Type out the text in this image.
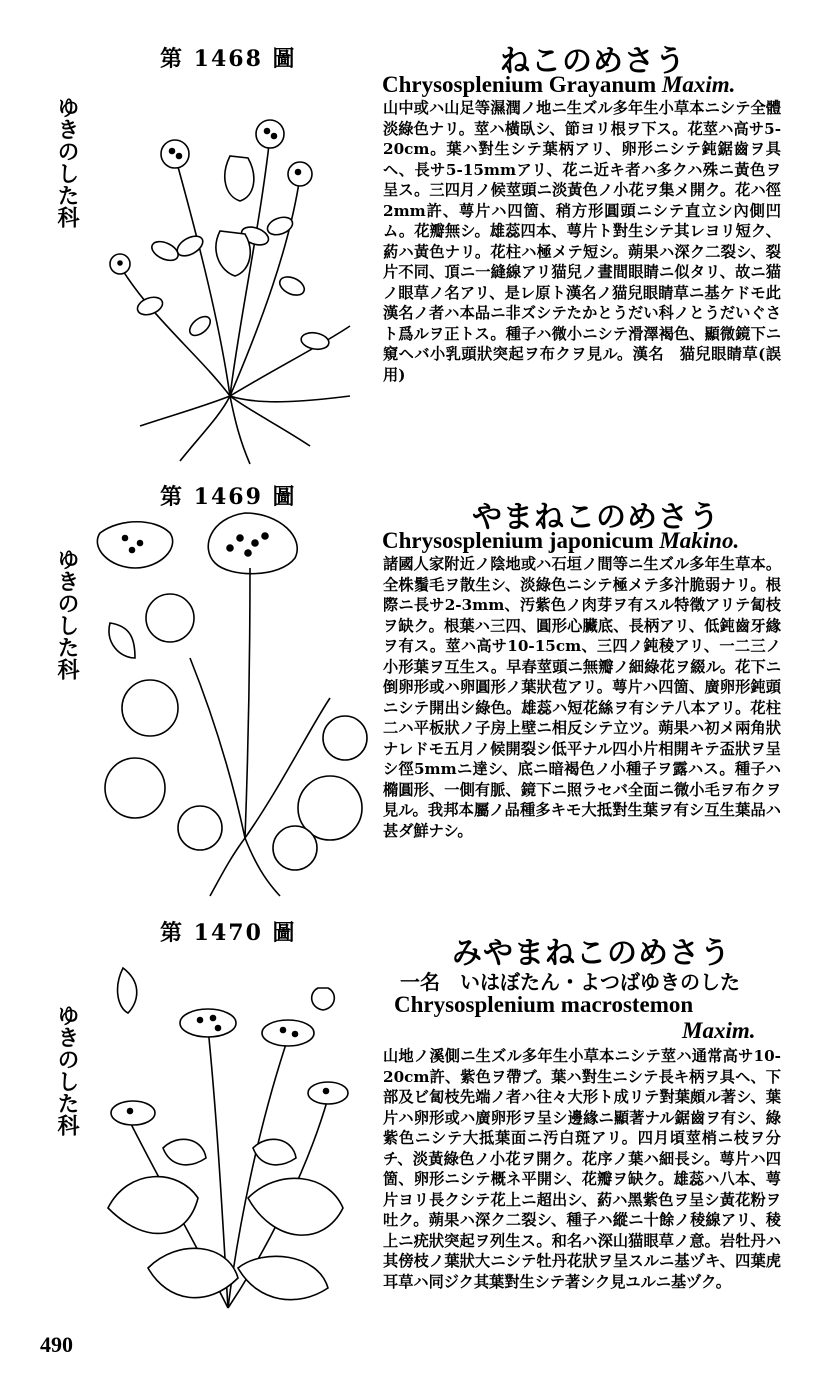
第 1468 圖
ゆきのした科
ねこのめさう
Chrysosplenium Grayanum Maxim.
山中或ハ山足等濕潤ノ地ニ生ズル多年生小草本ニシテ全體淡綠色ナリ。莖ハ橫臥シ、節ヨリ根ヲ下ス。花莖ハ高サ5-20cm。葉ハ對生シテ葉柄アリ、卵形ニシテ鈍鋸齒ヲ具ヘ、長サ5-15mmアリ、花ニ近キ者ハ多クハ殊ニ黃色ヲ呈ス。三四月ノ候莖頭ニ淡黃色ノ小花ヲ集メ開ク。花ハ徑2mm許、萼片ハ四箇、稍方形圓頭ニシテ直立シ內側凹ム。花瓣無シ。雄蕊四本、萼片ト對生シテ其レヨリ短ク、葯ハ黃色ナリ。花柱ハ極メテ短シ。蒴果ハ深ク二裂シ、裂片不同、頂ニ一縫線アリ猫兒ノ晝間眼睛ニ似タリ、故ニ猫ノ眼草ノ名アリ、是レ原ト漢名ノ猫兒眼睛草ニ基ケドモ此漢名ノ者ハ本品ニ非ズシテたかとうだい科ノとうだいぐさト爲ルヲ正トス。種子ハ微小ニシテ滑澤褐色、顯微鏡下ニ窺ヘバ小乳頭狀突起ヲ布クヲ見ル。漢名　猫兒眼睛草(誤用)
第 1469 圖
ゆきのした科
やまねこのめさう
Chrysosplenium japonicum Makino.
諸國人家附近ノ陰地或ハ石垣ノ間等ニ生ズル多年生草本。全株鬚毛ヲ散生シ、淡綠色ニシテ極メテ多汁脆弱ナリ。根際ニ長サ2-3mm、汚紫色ノ肉芽ヲ有スル特徵アリテ匐枝ヲ缺ク。根葉ハ三四、圓形心臟底、長柄アリ、低鈍齒牙緣ヲ有ス。莖ハ高サ10-15cm、三四ノ鈍稜アリ、一二三ノ小形葉ヲ互生ス。早春莖頭ニ無瓣ノ細綠花ヲ綴ル。花下ニ倒卵形或ハ卵圓形ノ葉狀苞アリ。萼片ハ四箇、廣卵形鈍頭ニシテ開出シ綠色。雄蕊ハ短花絲ヲ有シテ八本アリ。花柱二ハ平板狀ノ子房上壁ニ相反シテ立ツ。蒴果ハ初メ兩角狀ナレドモ五月ノ候開裂シ低平ナル四小片相開キテ盃狀ヲ呈シ徑5mmニ達シ、底ニ暗褐色ノ小種子ヲ露ハス。種子ハ橢圓形、一側有脈、鏡下ニ照ラセバ全面ニ微小毛ヲ布クヲ見ル。我邦本屬ノ品種多キモ大抵對生葉ヲ有シ互生葉品ハ甚ダ鮮ナシ。
第 1470 圖
ゆきのした科
みやまねこのめさう
一名　いはぼたん・よつばゆきのした
Chrysosplenium macrostemon
Maxim.
山地ノ溪側ニ生ズル多年生小草本ニシテ莖ハ通常高サ10-20cm許、紫色ヲ帶ブ。葉ハ對生ニシテ長キ柄ヲ具ヘ、下部及ビ匐枝先端ノ者ハ往々大形ト成リテ對葉頗ル著シ、葉片ハ卵形或ハ廣卵形ヲ呈シ邊緣ニ顯著ナル鋸齒ヲ有シ、綠紫色ニシテ大抵葉面ニ汚白斑アリ。四月頃莖梢ニ枝ヲ分チ、淡黃綠色ノ小花ヲ開ク。花序ノ葉ハ細長シ。萼片ハ四箇、卵形ニシテ概ネ平開シ、花瓣ヲ缺ク。雄蕊ハ八本、萼片ヨリ長クシテ花上ニ超出シ、葯ハ黑紫色ヲ呈シ黃花粉ヲ吐ク。蒴果ハ深ク二裂シ、種子ハ縱ニ十餘ノ稜線アリ、稜上ニ疣狀突起ヲ列生ス。和名ハ深山猫眼草ノ意。岩牡丹ハ其傍枝ノ葉狀大ニシテ牡丹花狀ヲ呈スルニ基ヅキ、四葉虎耳草ハ同ジク其葉對生シテ著シク見ユルニ基ヅク。
490
